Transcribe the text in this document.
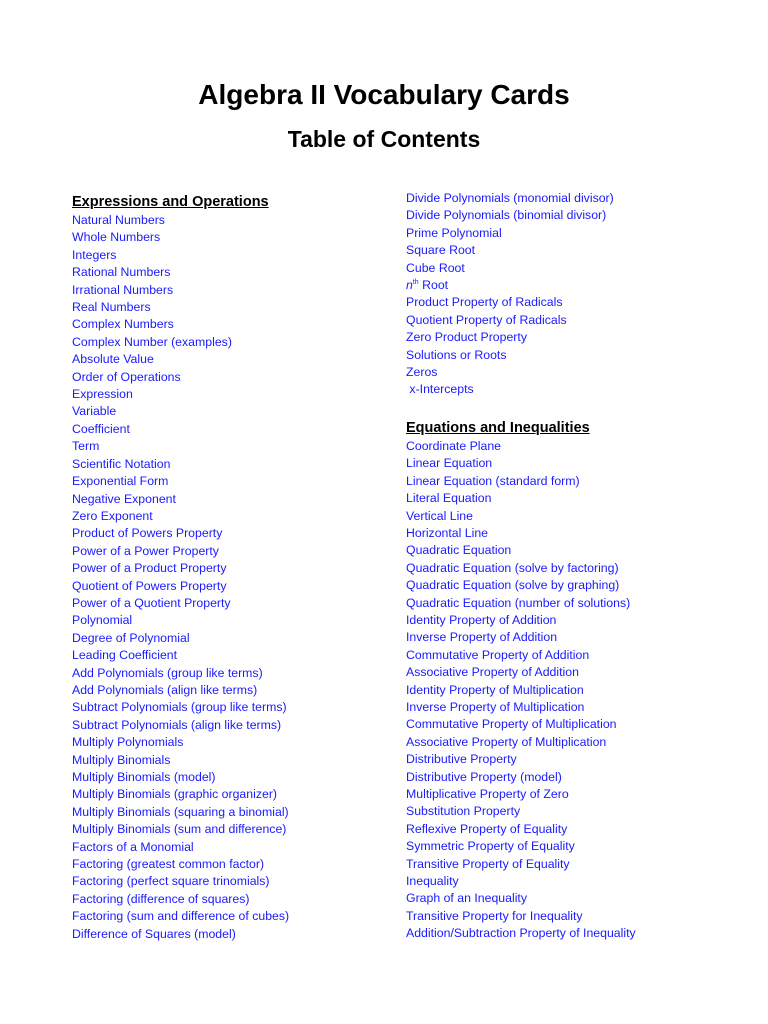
Algebra II Vocabulary Cards
Table of Contents
Expressions and Operations
Natural Numbers
Whole Numbers
Integers
Rational Numbers
Irrational Numbers
Real Numbers
Complex Numbers
Complex Number (examples)
Absolute Value
Order of Operations
Expression
Variable
Coefficient
Term
Scientific Notation
Exponential Form
Negative Exponent
Zero Exponent
Product of Powers Property
Power of a Power Property
Power of a Product Property
Quotient of Powers Property
Power of a Quotient Property
Polynomial
Degree of Polynomial
Leading Coefficient
Add Polynomials (group like terms)
Add Polynomials (align like terms)
Subtract Polynomials (group like terms)
Subtract Polynomials (align like terms)
Multiply Polynomials
Multiply Binomials
Multiply Binomials (model)
Multiply Binomials (graphic organizer)
Multiply Binomials (squaring a binomial)
Multiply Binomials (sum and difference)
Factors of a Monomial
Factoring (greatest common factor)
Factoring (perfect square trinomials)
Factoring (difference of squares)
Factoring (sum and difference of cubes)
Difference of Squares (model)
Divide Polynomials (monomial divisor)
Divide Polynomials (binomial divisor)
Prime Polynomial
Square Root
Cube Root
$n^{th}$ Root
Product Property of Radicals
Quotient Property of Radicals
Zero Product Property
Solutions or Roots
Zeros
x-Intercepts
Equations and Inequalities
Coordinate Plane
Linear Equation
Linear Equation (standard form)
Literal Equation
Vertical Line
Horizontal Line
Quadratic Equation
Quadratic Equation (solve by factoring)
Quadratic Equation (solve by graphing)
Quadratic Equation (number of solutions)
Identity Property of Addition
Inverse Property of Addition
Commutative Property of Addition
Associative Property of Addition
Identity Property of Multiplication
Inverse Property of Multiplication
Commutative Property of Multiplication
Associative Property of Multiplication
Distributive Property
Distributive Property (model)
Multiplicative Property of Zero
Substitution Property
Reflexive Property of Equality
Symmetric Property of Equality
Transitive Property of Equality
Inequality
Graph of an Inequality
Transitive Property for Inequality
Addition/Subtraction Property of Inequality
